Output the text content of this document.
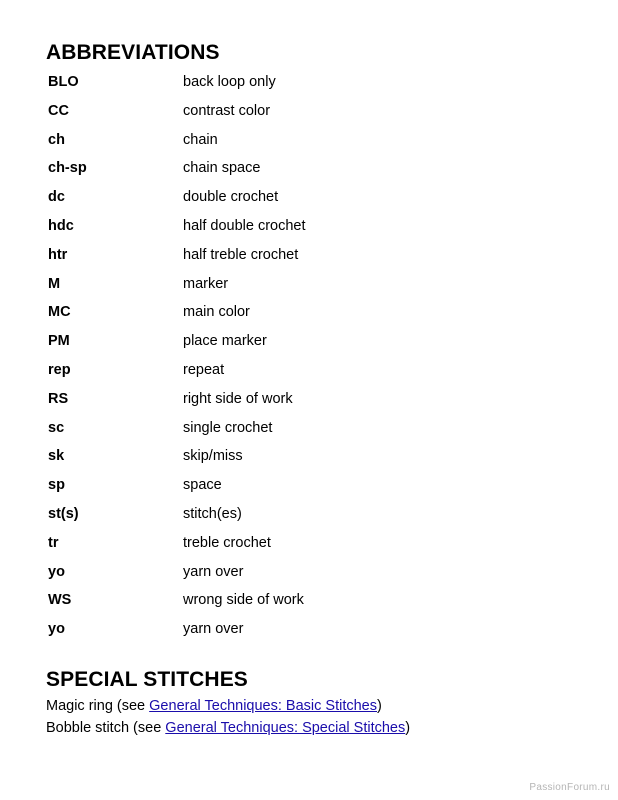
ABBREVIATIONS
BLO	back loop only
CC	contrast color
ch	chain
ch-sp	chain space
dc	double crochet
hdc	half double crochet
htr	half treble crochet
M	marker
MC	main color
PM	place marker
rep	repeat
RS	right side of work
sc	single crochet
sk	skip/miss
sp	space
st(s)	stitch(es)
tr	treble crochet
yo	yarn over
WS	wrong side of work
yo	yarn over
SPECIAL STITCHES
Magic ring (see General Techniques: Basic Stitches)
Bobble stitch (see General Techniques: Special Stitches)
PassionForum.ru
